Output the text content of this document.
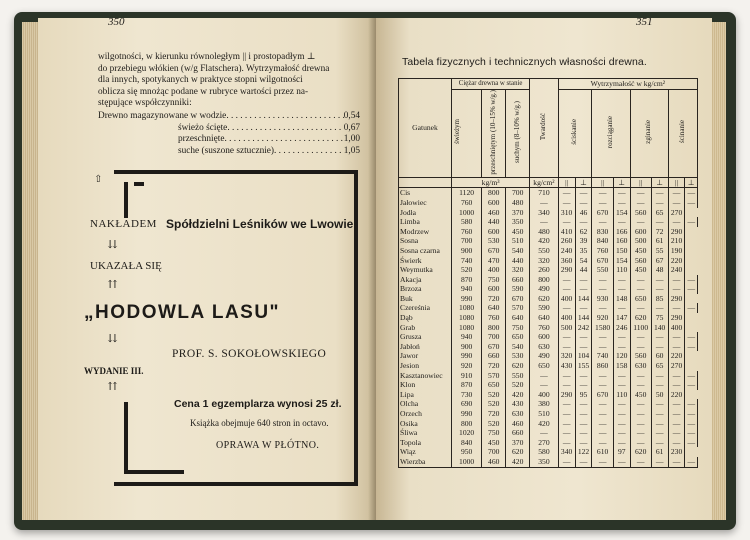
350
wilgotności, w kierunku równoległym || i prostopadłym ⊥
do przebiegu włókien (w/g Flatschera). Wytrzymałość drewna
dla innych, spotykanych w praktyce stopni wilgotności
oblicza się mnożąc podane w rubryce wartości przez na-
stępujące współczynniki:
Drewno magazynowane w wodzie . . .	0,54
świeżo ścięte . . .	0,67
przeschnięte . . .	1,00
suche (suszone sztucznie) . . .	1,05
⇧
NAKŁADEM Spółdzielni Leśników we Lwowie
⇊
UKAZAŁA SIĘ
⇈
„HODOWLA LASU"
⇊
PROF. S. SOKOŁOWSKIEGO
WYDANIE III.
⇈
Cena 1 egzemplarza wynosi 25 zł.
Książka obejmuje 640 stron in octavo.
OPRAWA W PŁÓTNO.
351
Tabela fizycznych i technicznych własności drewna.
Gatunek	Ciężar drewna w stanie			Twardość	Wytrzymałość w kg/cm²							
	świeżym	przeschniętym (10–15% w/g.)	suchym (8–10% w/g.)		ściskanie		rozciąganie		zginanie		ścinanie	
	kg/m³			kg/cm²	||	⊥	||	⊥	||	⊥	||	⊥
Cis	1120	800	700	710	—	—	—	—	—	—	—	—
Jałowiec	760	600	480	—	—	—	—	—	—	—	—	—
Jodła	1000	460	370	340	310	46	670	154	560	65	270	
Limba	580	440	350	—	—	—	—	—	—	—	—	—
Modrzew	760	600	450	480	410	62	830	166	600	72	290	
Sosna	700	530	510	420	260	39	840	160	500	61	210	
Sosna czarna	900	670	540	550	240	35	760	150	450	55	190	
Świerk	740	470	440	320	360	54	670	154	560	67	220	
Weymutka	520	400	320	260	290	44	550	110	450	48	240	
Akacja	870	750	660	800	—	—	—	—	—	—	—	—
Brzoza	940	600	590	490	—	—	—	—	—	—	—	—
Buk	990	720	670	620	400	144	930	148	650	85	290	
Czereśnia	1080	640	570	590	—	—	—	—	—	—	—	—
Dąb	1080	760	640	640	400	144	920	147	620	75	290	
Grab	1080	800	750	760	500	242	1580	246	1100	140	400	
Grusza	940	700	650	600	—	—	—	—	—	—	—	—
Jabłoń	900	670	540	630	—	—	—	—	—	—	—	—
Jawor	990	660	530	490	320	104	740	120	560	60	220	
Jesion	920	720	620	650	430	155	860	158	630	65	270	
Kasztanowiec	910	570	550	—	—	—	—	—	—	—	—	—
Klon	870	650	520	—	—	—	—	—	—	—	—	—
Lipa	730	520	420	400	290	95	670	110	450	50	220	
Olcha	690	520	430	380	—	—	—	—	—	—	—	—
Orzech	990	720	630	510	—	—	—	—	—	—	—	—
Osika	800	520	460	420	—	—	—	—	—	—	—	—
Śliwa	1020	750	660	—	—	—	—	—	—	—	—	—
Topola	840	450	370	270	—	—	—	—	—	—	—	—
Wiąz	950	700	620	580	340	122	610	97	620	61	230	
Wierzba	1000	460	420	350	—	—	—	—	—	—	—	—
